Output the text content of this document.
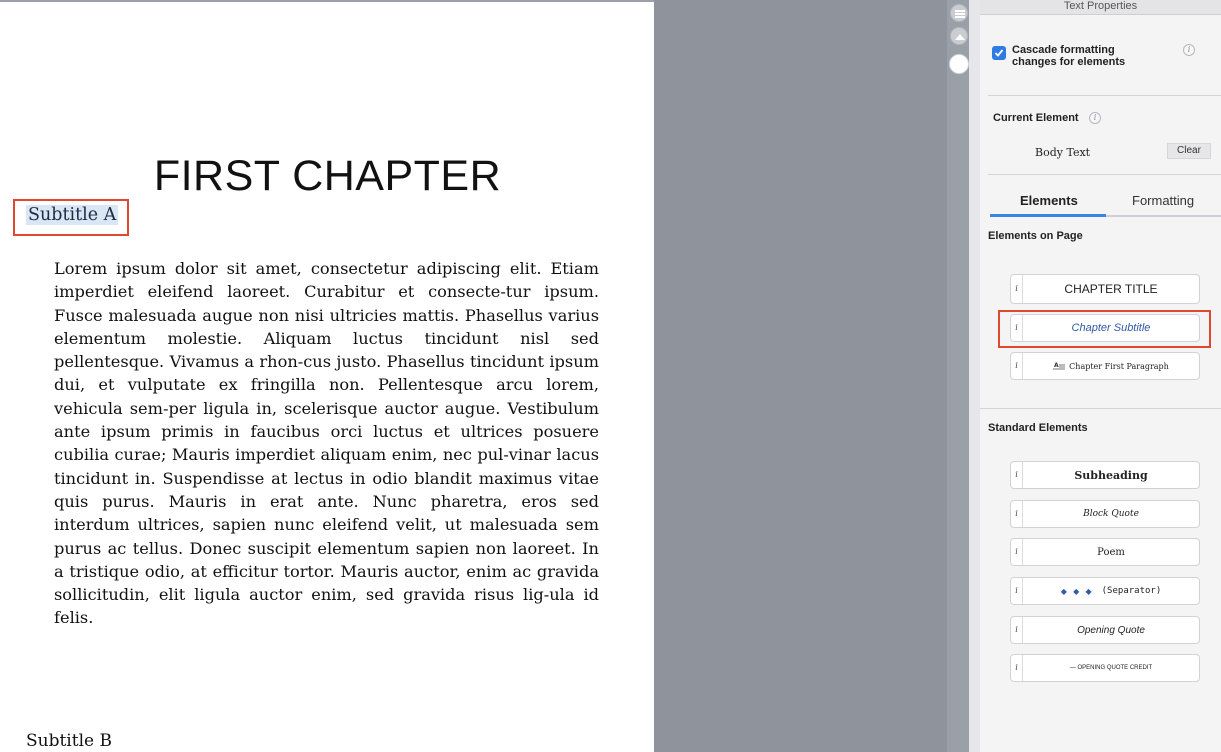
FIRST CHAPTER
Subtitle A

Lorem ipsum dolor sit amet, consectetur adipiscing elit. Etiam imperdiet eleifend laoreet. Curabitur et consecte-tur ipsum. Fusce malesuada augue non nisi ultricies mattis. Phasellus varius elementum molestie. Aliquam luctus tincidunt nisl sed pellentesque. Vivamus a rhon-cus justo. Phasellus tincidunt ipsum dui, et vulputate ex fringilla non. Pellentesque arcu lorem, vehicula sem-per ligula in, scelerisque auctor augue. Vestibulum ante ipsum primis in faucibus orci luctus et ultrices posuere cubilia curae; Mauris imperdiet aliquam enim, nec pul-vinar lacus tincidunt in. Suspendisse at lectus in odio blandit maximus vitae quis purus. Mauris in erat ante. Nunc pharetra, eros sed interdum ultrices, sapien nunc eleifend velit, ut malesuada sem purus ac tellus. Donec suscipit elementum sapien non laoreet. In a tristique odio, at efficitur tortor. Mauris auctor, enim ac gravida sollicitudin, elit ligula auctor enim, sed gravida risus lig-ula id felis.

Subtitle B
Text Properties
Cascade formatting changes for elements
i
Current Element	i
Body Text	Clear
Elements	Formatting
Elements on Page
i	CHAPTER TITLE
i	Chapter Subtitle
i	A Chapter First Paragraph
Standard Elements
i	Subheading
i	Block Quote
i	Poem
i	◆ ◆ ◆ (Separator)
i	Opening Quote
i	— OPENING QUOTE CREDIT
